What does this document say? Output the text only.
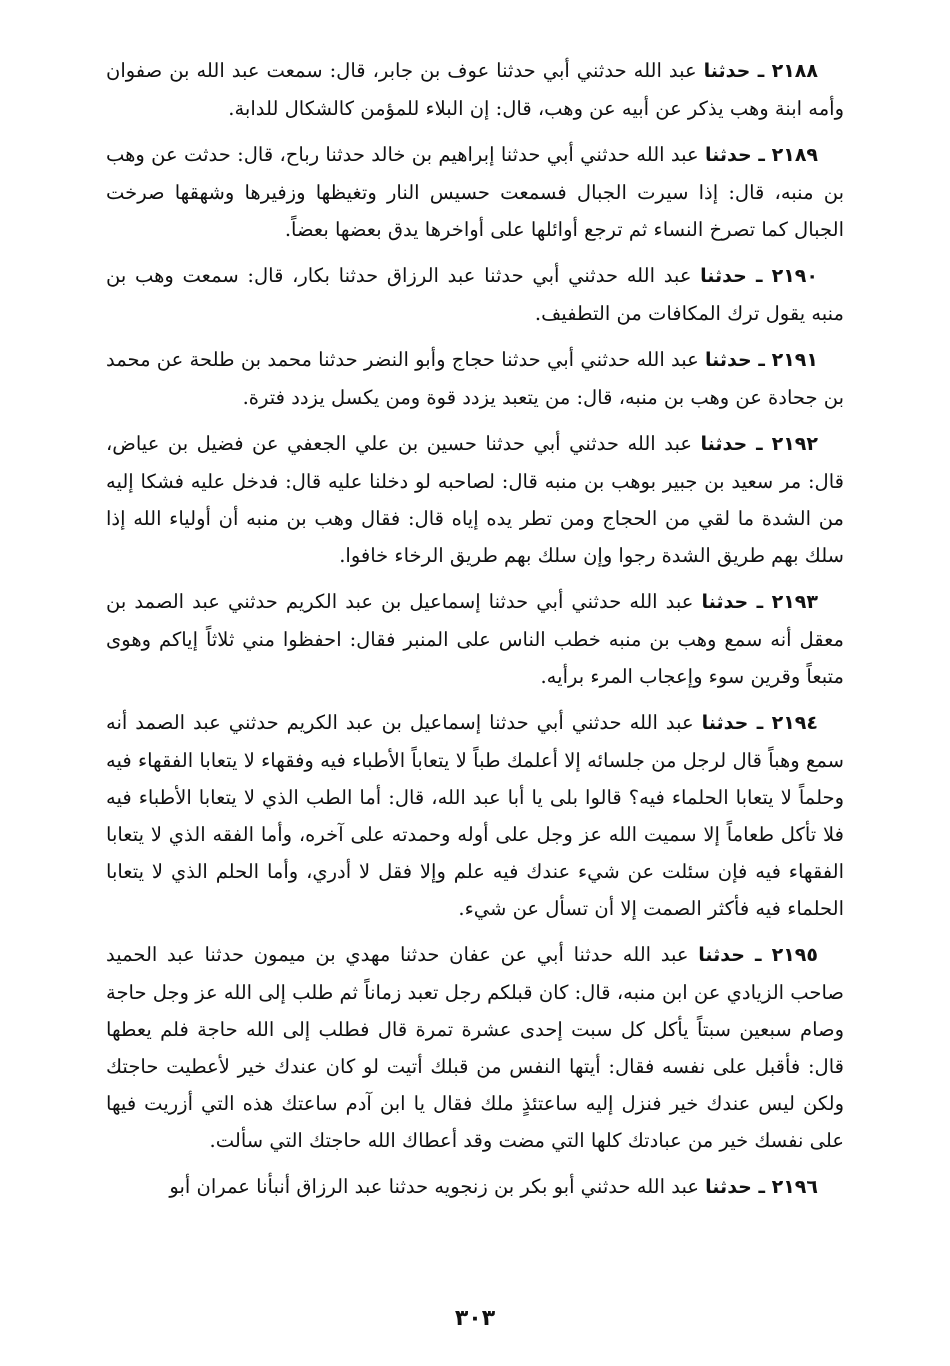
٢١٨٨ ـ حدثنا عبد الله حدثني أبي حدثنا عوف بن جابر، قال: سمعت عبد الله بن صفوان وأمه ابنة وهب يذكر عن أبيه عن وهب، قال: إن البلاء للمؤمن كالشكال للدابة.

٢١٨٩ ـ حدثنا عبد الله حدثني أبي حدثنا إبراهيم بن خالد حدثنا رباح، قال: حدثت عن وهب بن منبه، قال: إذا سيرت الجبال فسمعت حسيس النار وتغيظها وزفيرها وشهقها صرخت الجبال كما تصرخ النساء ثم ترجع أوائلها على أواخرها يدق بعضها بعضاً.

٢١٩٠ ـ حدثنا عبد الله حدثني أبي حدثنا عبد الرزاق حدثنا بكار، قال: سمعت وهب بن منبه يقول ترك المكافات من التطفيف.

٢١٩١ ـ حدثنا عبد الله حدثني أبي حدثنا حجاج وأبو النضر حدثنا محمد بن طلحة عن محمد بن جحادة عن وهب بن منبه، قال: من يتعبد يزدد قوة ومن يكسل يزدد فترة.

٢١٩٢ ـ حدثنا عبد الله حدثني أبي حدثنا حسين بن علي الجعفي عن فضيل بن عياض، قال: مر سعيد بن جبير بوهب بن منبه قال: لصاحبه لو دخلنا عليه قال: فدخل عليه فشكا إليه من الشدة ما لقي من الحجاج ومن تطر يده إياه قال: فقال وهب بن منبه أن أولياء الله إذا سلك بهم طريق الشدة رجوا وإن سلك بهم طريق الرخاء خافوا.

٢١٩٣ ـ حدثنا عبد الله حدثني أبي حدثنا إسماعيل بن عبد الكريم حدثني عبد الصمد بن معقل أنه سمع وهب بن منبه خطب الناس على المنبر فقال: احفظوا مني ثلاثاً إياكم وهوى متبعاً وقرين سوء وإعجاب المرء برأيه.

٢١٩٤ ـ حدثنا عبد الله حدثني أبي حدثنا إسماعيل بن عبد الكريم حدثني عبد الصمد أنه سمع وهباً قال لرجل من جلسائه إلا أعلمك طباً لا يتعاباً الأطباء فيه وفقهاء لا يتعابا الفقهاء فيه وحلماً لا يتعابا الحلماء فيه؟ قالوا بلى يا أبا عبد الله، قال: أما الطب الذي لا يتعابا الأطباء فيه فلا تأكل طعاماً إلا سميت الله عز وجل على أوله وحمدته على آخره، وأما الفقه الذي لا يتعابا الفقهاء فيه فإن سئلت عن شيء عندك فيه علم وإلا فقل لا أدري، وأما الحلم الذي لا يتعابا الحلماء فيه فأكثر الصمت إلا أن تسأل عن شيء.

٢١٩٥ ـ حدثنا عبد الله حدثنا أبي عن عفان حدثنا مهدي بن ميمون حدثنا عبد الحميد صاحب الزيادي عن ابن منبه، قال: كان قبلكم رجل تعبد زماناً ثم طلب إلى الله عز وجل حاجة وصام سبعين سبتاً يأكل كل سبت إحدى عشرة تمرة قال فطلب إلى الله حاجة فلم يعطها قال: فأقبل على نفسه فقال: أيتها النفس من قبلك أتيت لو كان عندك خير لأعطيت حاجتك ولكن ليس عندك خير فنزل إليه ساعتئذٍ ملك فقال يا ابن آدم ساعتك هذه التي أزريت فيها على نفسك خير من عبادتك كلها التي مضت وقد أعطاك الله حاجتك التي سألت.

٢١٩٦ ـ حدثنا عبد الله حدثني أبو بكر بن زنجويه حدثنا عبد الرزاق أنبأنا عمران أبو

٣٠٣
